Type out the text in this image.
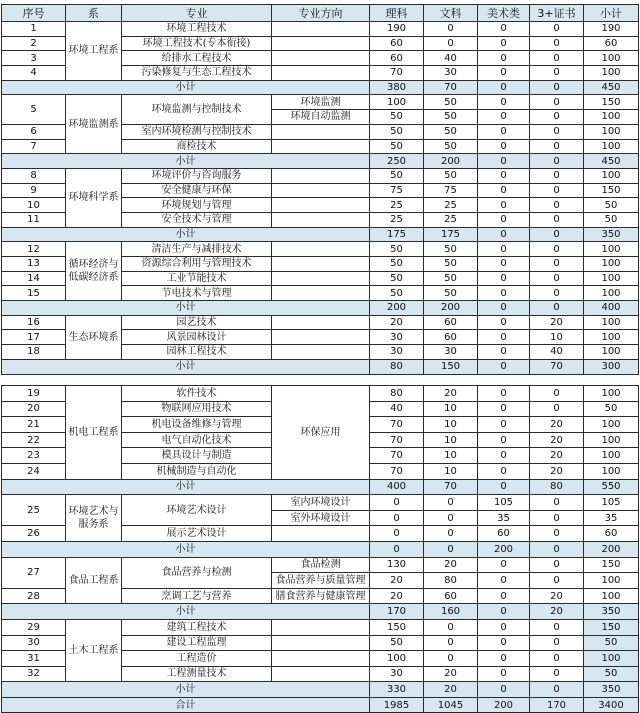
序号	系	专业	专业方向	理科	文科	美术类	3+证书	小计
1	环境工程系	环境工程技术		190	0	0	0	190
2		环境工程技术(专本衔接)		60	0	0	0	60
3		给排水工程技术		60	40	0	0	100
4		污染修复与生态工程技术		70	30	0	0	100
小计				380	70	0	0	450
5	环境监测系	环境监测与控制技术	环境监测	100	50	0	0	150
			环境自动监测	50	50	0	0	100
6		室内环境检测与控制技术		50	50	0	0	100
7		商检技术		50	50	0	0	100
小计				250	200	0	0	450
8	环境科学系	环境评价与咨询服务		50	50	0	0	100
9		安全健康与环保		75	75	0	0	150
10		环境规划与管理		25	25	0	0	50
11		安全技术与管理		25	25	0	0	50
小计				175	175	0	0	350
12	循环经济与低碳经济系	清洁生产与减排技术		50	50	0	0	100
13		资源综合利用与管理技术		50	50	0	0	100
14		工业节能技术		50	50	0	0	100
15		节电技术与管理		50	50	0	0	100
小计				200	200	0	0	400
16	生态环境系	园艺技术		20	60	0	20	100
17		风景园林设计		30	60	0	10	100
18		园林工程技术		30	30	0	40	100
小计				80	150	0	70	300
19	机电工程系	软件技术	环保应用	80	20	0	0	100
20		物联网应用技术		40	10	0	0	50
21		机电设备维修与管理		70	10	0	20	100
22		电气自动化技术		70	10	0	20	100
23		模具设计与制造		70	10	0	20	100
24		机械制造与自动化		70	10	0	20	100
小计				400	70	0	80	550
25	环境艺术与服务系	环境艺术设计	室内环境设计	0	0	105	0	105
			室外环境设计	0	0	35	0	35
26		展示艺术设计		0	0	60	0	60
小计				0	0	200	0	200
27	食品工程系	食品营养与检测	食品检测	130	20	0	0	150
			食品营养与质量管理	20	80	0	0	100
28		烹调工艺与营养	膳食营养与健康管理	20	60	0	20	100
小计				170	160	0	20	350
29	土木工程系	建筑工程技术		150	0	0	0	150
30		建设工程监理		50	0	0	0	50
31		工程造价		100	0	0	0	100
32		工程测量技术		30	20	0	0	50
小计				330	20	0	0	350
合计				1985	1045	200	170	3400
